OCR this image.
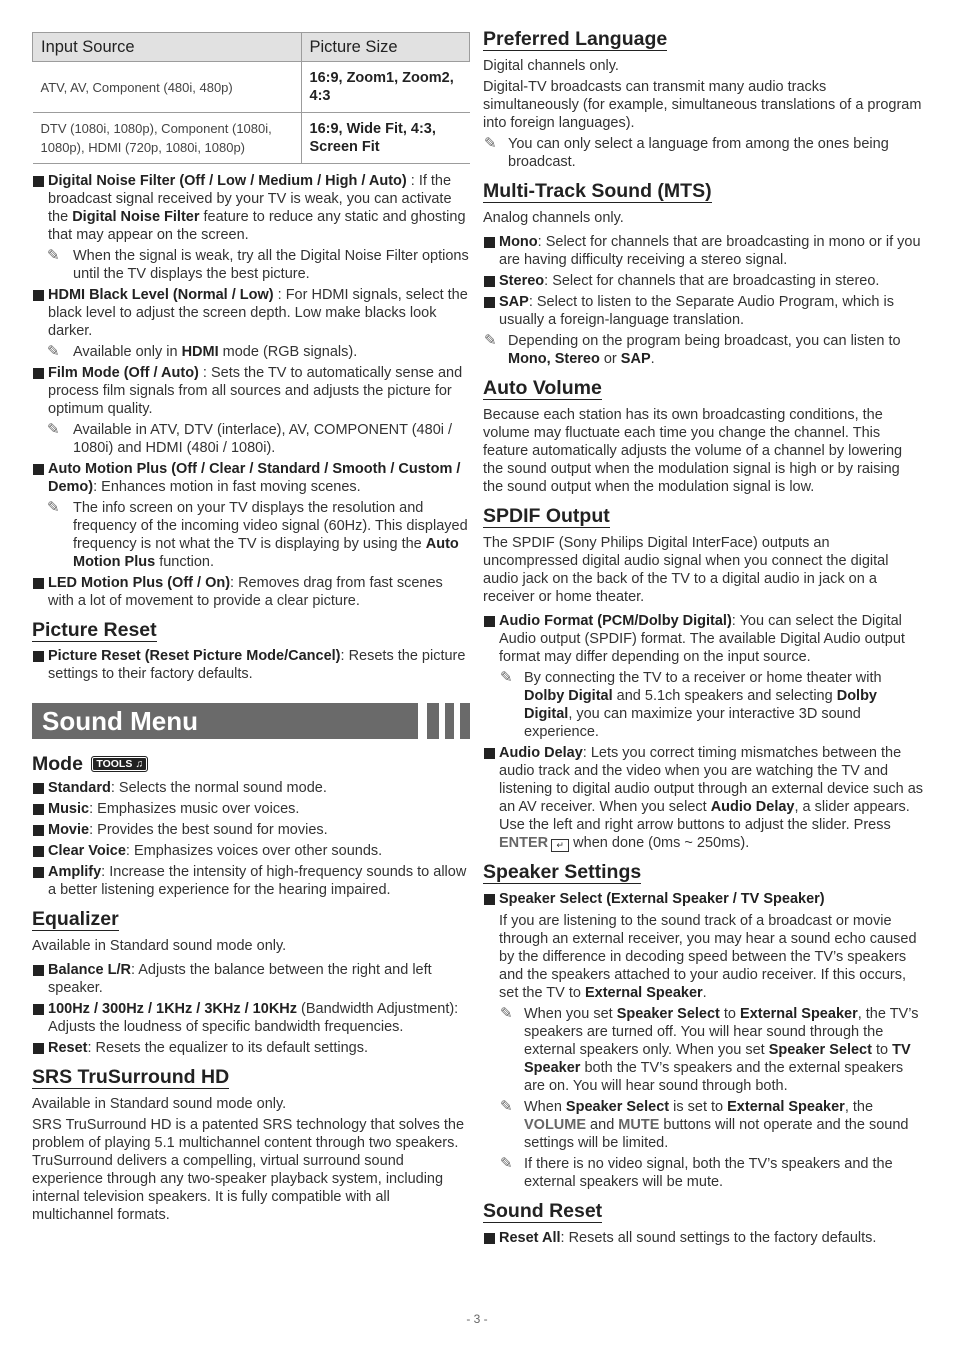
Input Source	Picture Size
ATV, AV, Component (480i, 480p)	16:9, Zoom1, Zoom2, 4:3
DTV (1080i, 1080p), Component (1080i, 1080p), HDMI (720p, 1080i, 1080p)	16:9, Wide Fit, 4:3, Screen Fit
Digital Noise Filter (Off / Low / Medium / High / Auto) : If the broadcast signal received by your TV is weak, you can activate the Digital Noise Filter feature to reduce any static and ghosting that may appear on the screen.
✎ When the signal is weak, try all the Digital Noise Filter options until the TV displays the best picture.
HDMI Black Level (Normal / Low) : For HDMI signals, select the black level to adjust the screen depth. Low make blacks look darker.
✎ Available only in HDMI mode (RGB signals).
Film Mode (Off / Auto) : Sets the TV to automatically sense and process film signals from all sources and adjusts the picture for optimum quality.
✎ Available in ATV, DTV (interlace), AV, COMPONENT (480i / 1080i) and HDMI (480i / 1080i).
Auto Motion Plus (Off / Clear / Standard / Smooth / Custom / Demo): Enhances motion in fast moving scenes.
✎ The info screen on your TV displays the resolution and frequency of the incoming video signal (60Hz). This displayed frequency is not what the TV is displaying by using the Auto Motion Plus function.
LED Motion Plus (Off / On): Removes drag from fast scenes with a lot of movement to provide a clear picture.
Picture Reset
Picture Reset (Reset Picture Mode/Cancel): Resets the picture settings to their factory defaults.
Sound Menu
Mode TOOLS ♫
Standard: Selects the normal sound mode.
Music: Emphasizes music over voices.
Movie: Provides the best sound for movies.
Clear Voice: Emphasizes voices over other sounds.
Amplify: Increase the intensity of high-frequency sounds to allow a better listening experience for the hearing impaired.
Equalizer

Available in Standard sound mode only.

Balance L/R: Adjusts the balance between the right and left speaker.
100Hz / 300Hz / 1KHz / 3KHz / 10KHz (Bandwidth Adjustment): Adjusts the loudness of specific bandwidth frequencies.
Reset: Resets the equalizer to its default settings.
SRS TruSurround HD

Available in Standard sound mode only.

SRS TruSurround HD is a patented SRS technology that solves the problem of playing 5.1 multichannel content through two speakers. TruSurround delivers a compelling, virtual surround sound experience through any two-speaker playback system, including internal television speakers. It is fully compatible with all multichannel formats.

Preferred Language

Digital channels only.

Digital-TV broadcasts can transmit many audio tracks simultaneously (for example, simultaneous translations of a program into foreign languages).

✎ You can only select a language from among the ones being broadcast.
Multi-Track Sound (MTS)

Analog channels only.

Mono: Select for channels that are broadcasting in mono or if you are having difficulty receiving a stereo signal.
Stereo: Select for channels that are broadcasting in stereo.
SAP: Select to listen to the Separate Audio Program, which is usually a foreign-language translation.
✎ Depending on the program being broadcast, you can listen to Mono, Stereo or SAP.
Auto Volume

Because each station has its own broadcasting conditions, the volume may fluctuate each time you change the channel. This feature automatically adjusts the volume of a channel by lowering the sound output when the modulation signal is high or by raising the sound output when the modulation signal is low.

SPDIF Output

The SPDIF (Sony Philips Digital InterFace) outputs an uncompressed digital audio signal when you connect the digital audio jack on the back of the TV to a digital audio in jack on a receiver or home theater.

Audio Format (PCM/Dolby Digital): You can select the Digital Audio output (SPDIF) format. The available Digital Audio output format may differ depending on the input source.
✎ By connecting the TV to a receiver or home theater with Dolby Digital and 5.1ch speakers and selecting Dolby Digital, you can maximize your interactive 3D sound experience.
Audio Delay: Lets you correct timing mismatches between the audio track and the video when you are watching the TV and listening to digital audio output through an external device such as an AV receiver. When you select Audio Delay, a slider appears. Use the left and right arrow buttons to adjust the slider. Press ENTER ↵ when done (0ms ~ 250ms).
Speaker Settings
Speaker Select (External Speaker / TV Speaker)

If you are listening to the sound track of a broadcast or movie through an external receiver, you may hear a sound echo caused by the difference in decoding speed between the TV’s speakers and the speakers attached to your audio receiver. If this occurs, set the TV to External Speaker.

✎ When you set Speaker Select to External Speaker, the TV’s speakers are turned off. You will hear sound through the external speakers only. When you set Speaker Select to TV Speaker both the TV’s speakers and the external speakers are on. You will hear sound through both.
✎ When Speaker Select is set to External Speaker, the VOLUME and MUTE buttons will not operate and the sound settings will be limited.
✎ If there is no video signal, both the TV’s speakers and the external speakers will be mute.
Sound Reset
Reset All: Resets all sound settings to the factory defaults.
- 3 -
